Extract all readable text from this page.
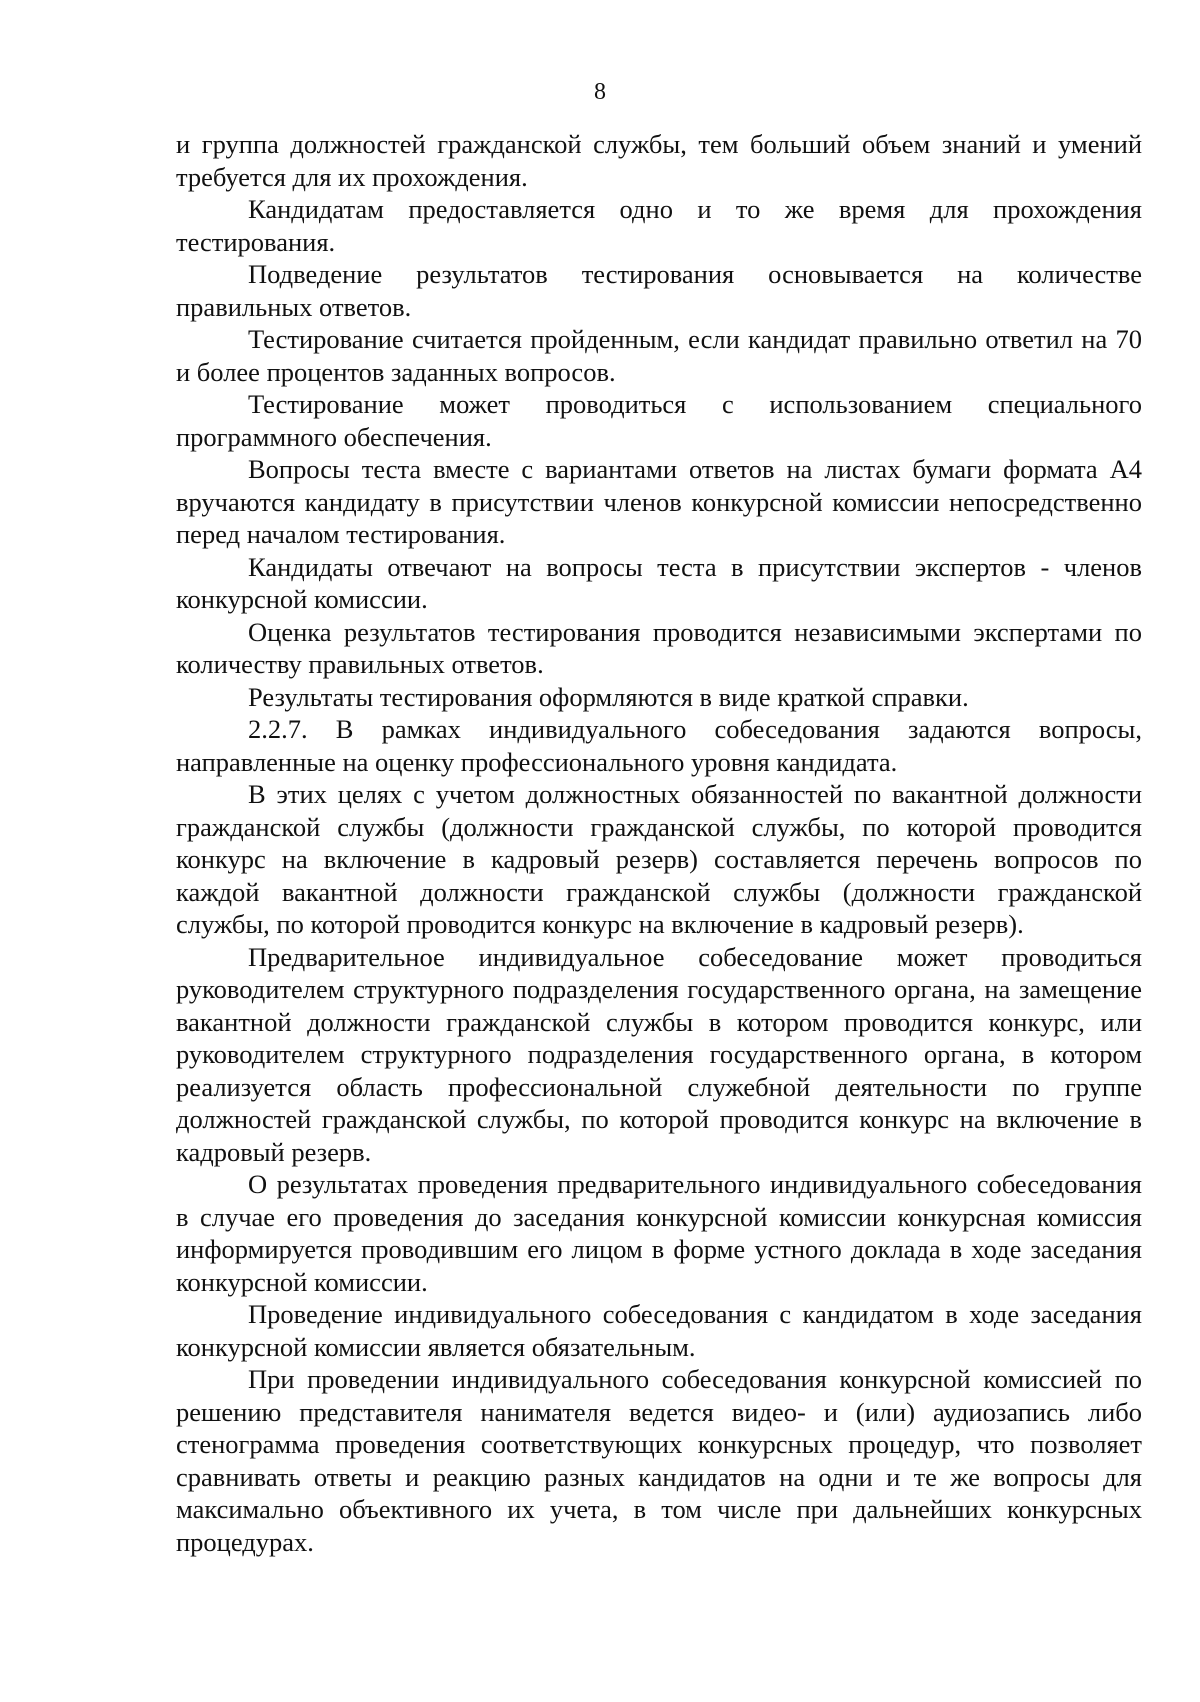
8

и группа должностей гражданской службы, тем больший объем знаний и умений требуется для их прохождения.

Кандидатам предоставляется одно и то же время для прохождения тестирования.

Подведение результатов тестирования основывается на количестве правильных ответов.

Тестирование считается пройденным, если кандидат правильно ответил на 70 и более процентов заданных вопросов.

Тестирование может проводиться с использованием специального программного обеспечения.

Вопросы теста вместе с вариантами ответов на листах бумаги формата А4 вручаются кандидату в присутствии членов конкурсной комиссии непосредственно перед началом тестирования.

Кандидаты отвечают на вопросы теста в присутствии экспертов - членов конкурсной комиссии.

Оценка результатов тестирования проводится независимыми экспертами по количеству правильных ответов.

Результаты тестирования оформляются в виде краткой справки.

2.2.7. В рамках индивидуального собеседования задаются вопросы, направленные на оценку профессионального уровня кандидата.

В этих целях с учетом должностных обязанностей по вакантной должности гражданской службы (должности гражданской службы, по которой проводится конкурс на включение в кадровый резерв) составляется перечень вопросов по каждой вакантной должности гражданской службы (должности гражданской службы, по которой проводится конкурс на включение в кадровый резерв).

Предварительное индивидуальное собеседование может проводиться руководителем структурного подразделения государственного органа, на замещение вакантной должности гражданской службы в котором проводится конкурс, или руководителем структурного подразделения государственного органа, в котором реализуется область профессиональной служебной деятельности по группе должностей гражданской службы, по которой проводится конкурс на включение в кадровый резерв.

О результатах проведения предварительного индивидуального собеседования в случае его проведения до заседания конкурсной комиссии конкурсная комиссия информируется проводившим его лицом в форме устного доклада в ходе заседания конкурсной комиссии.

Проведение индивидуального собеседования с кандидатом в ходе заседания конкурсной комиссии является обязательным.

При проведении индивидуального собеседования конкурсной комиссией по решению представителя нанимателя ведется видео- и (или) аудиозапись либо стенограмма проведения соответствующих конкурсных процедур, что позволяет сравнивать ответы и реакцию разных кандидатов на одни и те же вопросы для максимально объективного их учета, в том числе при дальнейших конкурсных процедурах.
